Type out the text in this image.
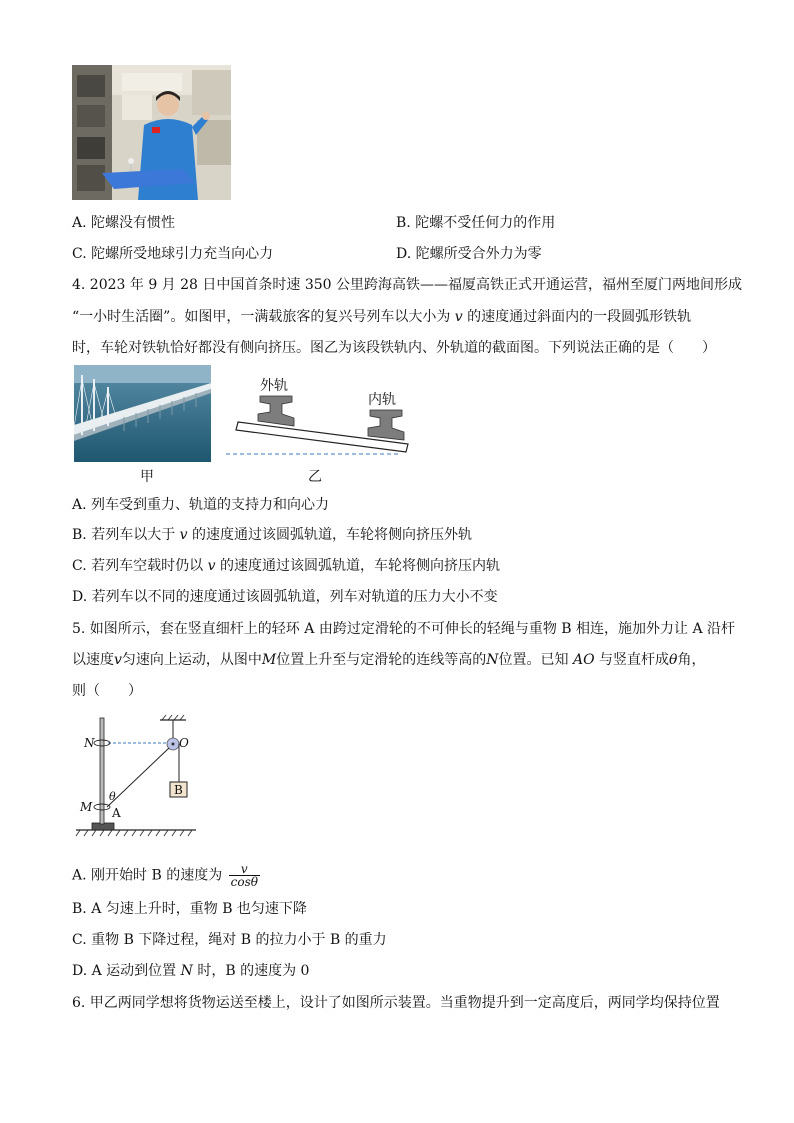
A. 陀螺没有惯性	B. 陀螺不受任何力的作用
C. 陀螺所受地球引力充当向心力	D. 陀螺所受合外力为零
4. 2023 年 9 月 28 日中国首条时速 350 公里跨海高铁——福厦高铁正式开通运营，福州至厦门两地间形成
“一小时生活圈”。如图甲，一满载旅客的复兴号列车以大小为 v 的速度通过斜面内的一段圆弧形铁轨
时，车轮对铁轨恰好都没有侧向挤压。图乙为该段铁轨内、外轨道的截面图。下列说法正确的是（　　）
甲
外轨
内轨
乙
A. 列车受到重力、轨道的支持力和向心力
B. 若列车以大于 v 的速度通过该圆弧轨道，车轮将侧向挤压外轨
C. 若列车空载时仍以 v 的速度通过该圆弧轨道，车轮将侧向挤压内轨
D. 若列车以不同的速度通过该圆弧轨道，列车对轨道的压力大小不变
5. 如图所示，套在竖直细杆上的轻环 A 由跨过定滑轮的不可伸长的轻绳与重物 B 相连，施加外力让 A 沿杆
以速度v匀速向上运动，从图中M位置上升至与定滑轮的连线等高的N位置。已知 AO 与竖直杆成θ角，
则（　　）
B
N	O
M A
θ
A. 刚开始时 B 的速度为 $\frac{v}{\cos\theta}$
B. A 匀速上升时，重物 B 也匀速下降
C. 重物 B 下降过程，绳对 B 的拉力小于 B 的重力
D. A 运动到位置 N 时，B 的速度为 0
6. 甲乙两同学想将货物运送至楼上，设计了如图所示装置。当重物提升到一定高度后，两同学均保持位置
